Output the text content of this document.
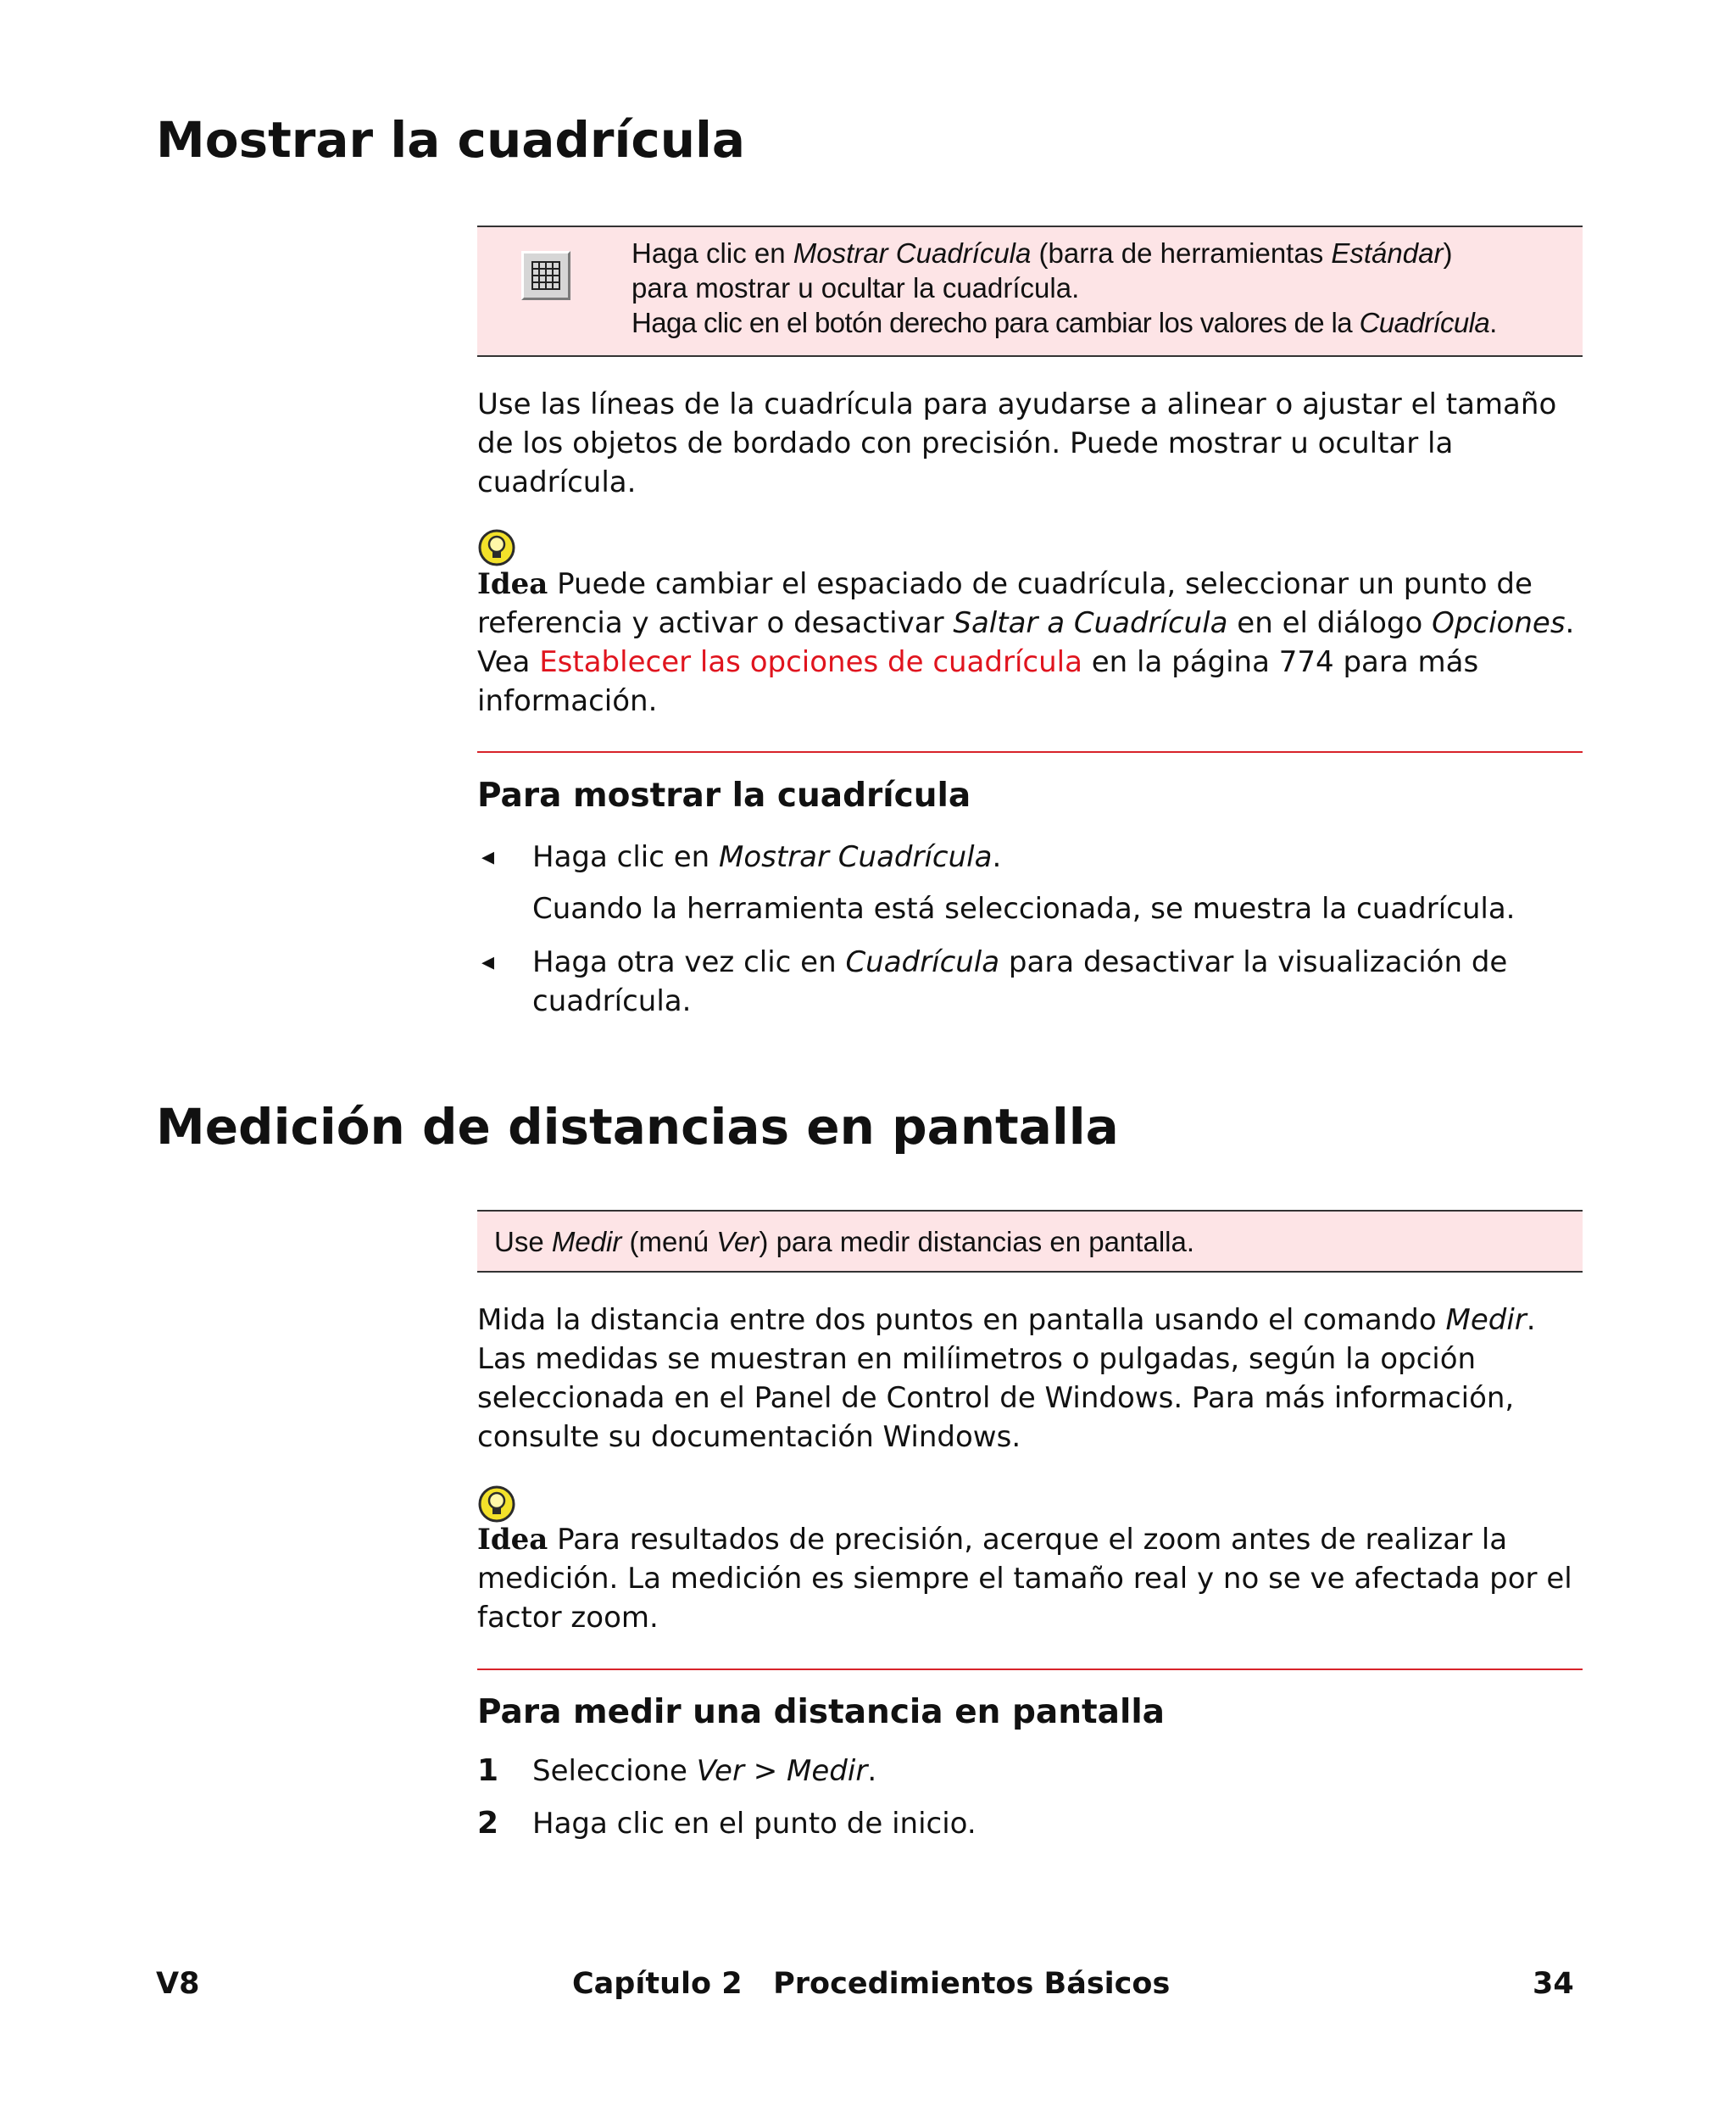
Mostrar la cuadrícula
Haga clic en Mostrar Cuadrícula (barra de herramientas Estándar)
para mostrar u ocultar la cuadrícula.
Haga clic en el botón derecho para cambiar los valores de la Cuadrícula.

Use las líneas de la cuadrícula para ayudarse a alinear o ajustar el tamaño de los objetos de bordado con precisión. Puede mostrar u ocultar la cuadrícula.

Idea Puede cambiar el espaciado de cuadrícula, seleccionar un punto de referencia y activar o desactivar Saltar a Cuadrícula en el diálogo Opciones. Vea Establecer las opciones de cuadrícula en la página 774 para más información.

Para mostrar la cuadrícula
◂ Haga clic en Mostrar Cuadrícula.

Cuando la herramienta está seleccionada, se muestra la cuadrícula.

◂ Haga otra vez clic en Cuadrícula para desactivar la visualización de cuadrícula.

Medición de distancias en pantalla
Use Medir (menú Ver) para medir distancias en pantalla.

Mida la distancia entre dos puntos en pantalla usando el comando Medir. Las medidas se muestran en milíimetros o pulgadas, según la opción seleccionada en el Panel de Control de Windows. Para más información, consulte su documentación Windows.

Idea Para resultados de precisión, acerque el zoom antes de realizar la medición. La medición es siempre el tamaño real y no se ve afectada por el factor zoom.

Para medir una distancia en pantalla
1 Seleccione Ver > Medir.

2 Haga clic en el punto de inicio.

V8	Capítulo 2   Procedimientos Básicos	34
